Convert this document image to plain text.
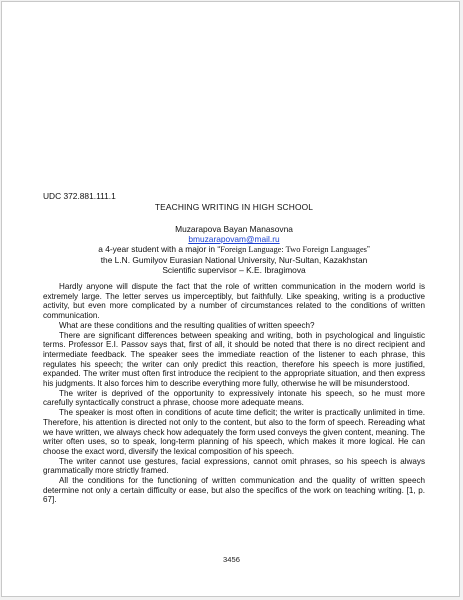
UDC 372.881.111.1
TEACHING WRITING IN HIGH SCHOOL
Muzarapova Bayan Manasovna
bmuzarapovam@mail.ru
a 4-year student with a major in “Foreign Language: Two Foreign Languages”
the L.N. Gumilyov Eurasian National University, Nur-Sultan, Kazakhstan
Scientific supervisor – K.E. Ibragimova

Hardly anyone will dispute the fact that the role of written communication in the modern world is extremely large. The letter serves us imperceptibly, but faithfully. Like speaking, writing is a productive activity, but even more complicated by a number of circumstances related to the conditions of written communication.

What are these conditions and the resulting qualities of written speech?

There are significant differences between speaking and writing, both in psychological and linguistic terms. Professor E.I. Passov says that, first of all, it should be noted that there is no direct recipient and intermediate feedback. The speaker sees the immediate reaction of the listener to each phrase, this regulates his speech; the writer can only predict this reaction, therefore his speech is more justified, expanded. The writer must often first introduce the recipient to the appropriate situation, and then express his judgments. It also forces him to describe everything more fully, otherwise he will be misunderstood.

The writer is deprived of the opportunity to expressively intonate his speech, so he must more carefully syntactically construct a phrase, choose more adequate means.

The speaker is most often in conditions of acute time deficit; the writer is practically unlimited in time. Therefore, his attention is directed not only to the content, but also to the form of speech. Rereading what we have written, we always check how adequately the form used conveys the given content, meaning. The writer often uses, so to speak, long-term planning of his speech, which makes it more logical. He can choose the exact word, diversify the lexical composition of his speech.

The writer cannot use gestures, facial expressions, cannot omit phrases, so his speech is always grammatically more strictly framed.

All the conditions for the functioning of written communication and the quality of written speech determine not only a certain difficulty or ease, but also the specifics of the work on teaching writing. [1, p. 67].

3456
